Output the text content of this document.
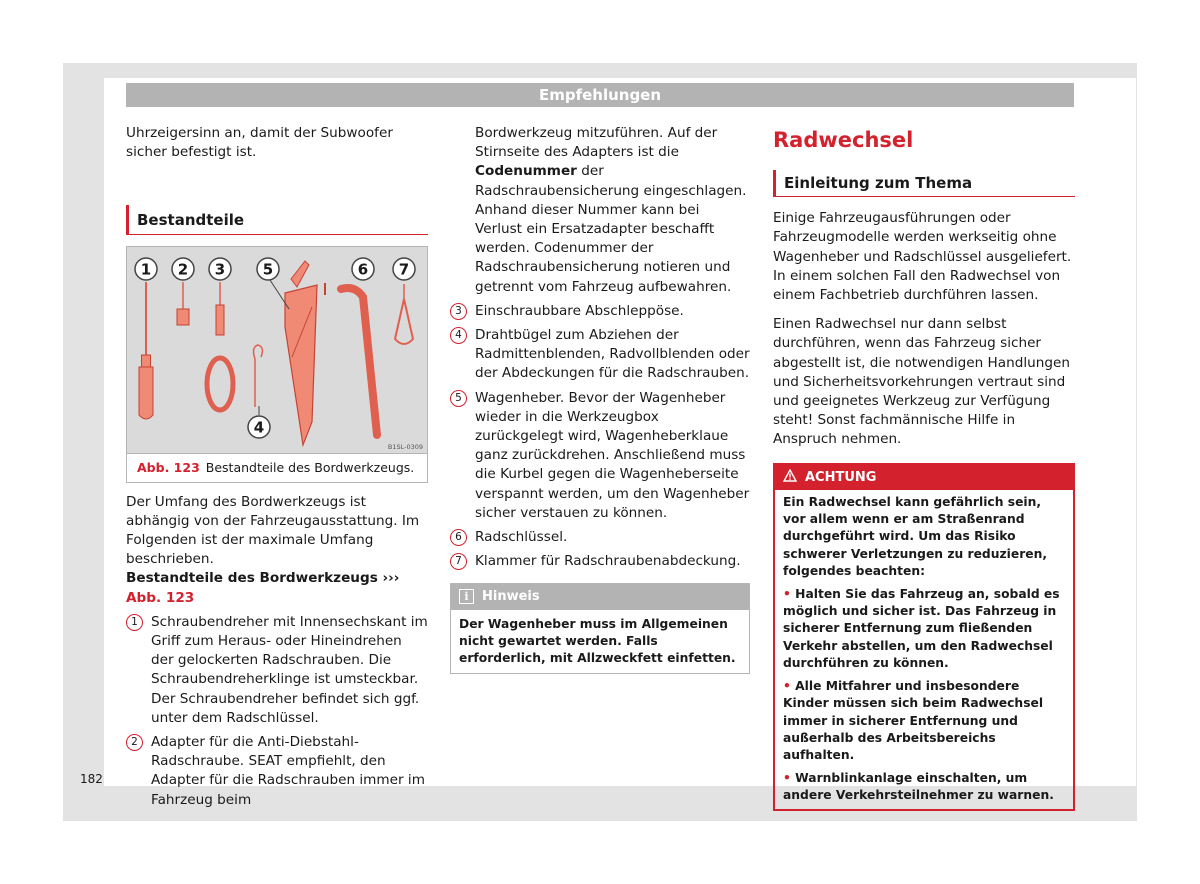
Empfehlungen

Uhrzeigersinn an, damit der Subwoofer sicher befestigt ist.

Bestandteile
1 2 3
4
5	6 7
B1SL-0309
Abb. 123 Bestandteile des Bordwerkzeugs.

Der Umfang des Bordwerkzeugs ist abhängig von der Fahrzeugausstattung. Im Folgenden ist der maximale Umfang beschrieben.

Bestandteile des Bordwerkzeugs ››› Abb. 123

1 Schraubendreher mit Innensechskant im Griff zum Heraus- oder Hineindrehen der gelockerten Radschrauben. Die Schraubendreherklinge ist umsteckbar. Der Schraubendreher befindet sich ggf. unter dem Radschlüssel.
2 Adapter für die Anti-Diebstahl-Radschraube. SEAT empfiehlt, den Adapter für die Radschrauben immer im Fahrzeug beim
Bordwerkzeug mitzuführen. Auf der Stirnseite des Adapters ist die Codenummer der Radschraubensicherung eingeschlagen. Anhand dieser Nummer kann bei Verlust ein Ersatzadapter beschafft werden. Codenummer der Radschraubensicherung notieren und getrennt vom Fahrzeug aufbewahren.
3 Einschraubbare Abschleppöse.
4 Drahtbügel zum Abziehen der Radmittenblenden, Radvollblenden oder der Abdeckungen für die Radschrauben.
5 Wagenheber. Bevor der Wagenheber wieder in die Werkzeugbox zurückgelegt wird, Wagenheberklaue ganz zurückdrehen. Anschließend muss die Kurbel gegen die Wagenheberseite verspannt werden, um den Wagenheber sicher verstauen zu können.
6 Radschlüssel.
7 Klammer für Radschraubenabdeckung.
i Hinweis
Der Wagenheber muss im Allgemeinen nicht gewartet werden. Falls erforderlich, mit Allzweckfett einfetten.
Radwechsel
Einleitung zum Thema

Einige Fahrzeugausführungen oder Fahrzeugmodelle werden werkseitig ohne Wagenheber und Radschlüssel ausgeliefert. In einem solchen Fall den Radwechsel von einem Fachbetrieb durchführen lassen.

Einen Radwechsel nur dann selbst durchführen, wenn das Fahrzeug sicher abgestellt ist, die notwendigen Handlungen und Sicherheitsvorkehrungen vertraut sind und geeignetes Werkzeug zur Verfügung steht! Sonst fachmännische Hilfe in Anspruch nehmen.

ACHTUNG

Ein Radwechsel kann gefährlich sein, vor allem wenn er am Straßenrand durchgeführt wird. Um das Risiko schwerer Verletzungen zu reduzieren, folgendes beachten:

• Halten Sie das Fahrzeug an, sobald es möglich und sicher ist. Das Fahrzeug in sicherer Entfernung zum fließenden Verkehr abstellen, um den Radwechsel durchführen zu können.

• Alle Mitfahrer und insbesondere Kinder müssen sich beim Radwechsel immer in sicherer Entfernung und außerhalb des Arbeitsbereichs aufhalten.

• Warnblinkanlage einschalten, um andere Verkehrsteilnehmer zu warnen.

182
